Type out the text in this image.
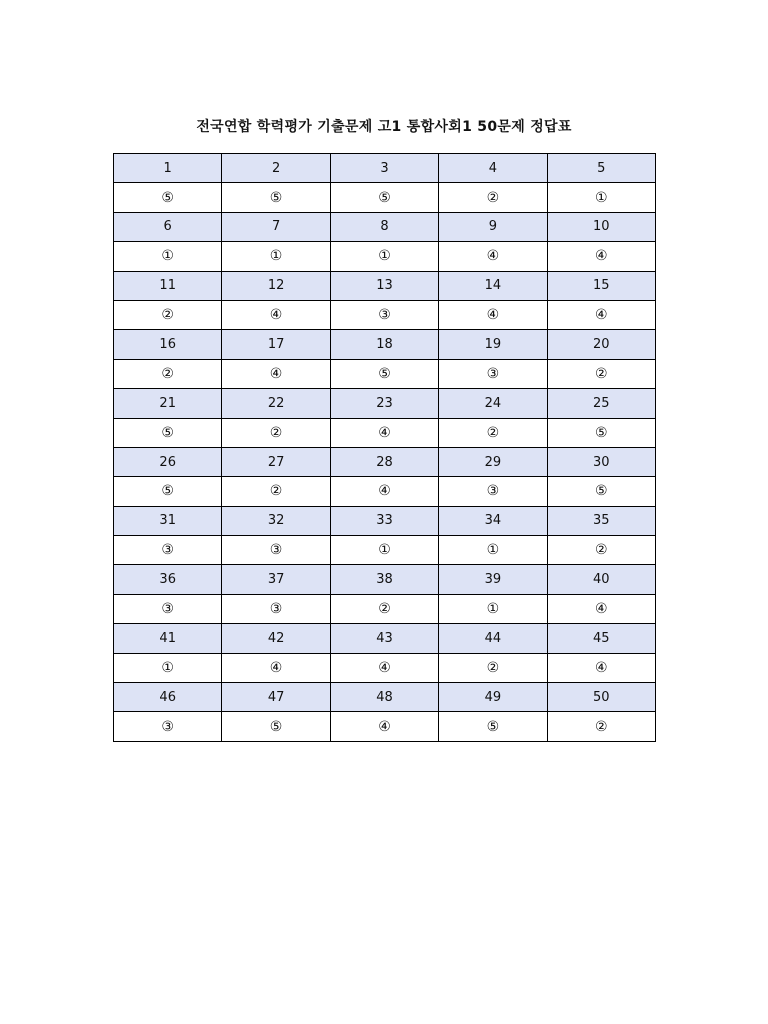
전국연합 학력평가 기출문제 고1 통합사회1 50문제 정답표
1	2	3	4	5
⑤	⑤	⑤	②	①
6	7	8	9	10
①	①	①	④	④
11	12	13	14	15
②	④	③	④	④
16	17	18	19	20
②	④	⑤	③	②
21	22	23	24	25
⑤	②	④	②	⑤
26	27	28	29	30
⑤	②	④	③	⑤
31	32	33	34	35
③	③	①	①	②
36	37	38	39	40
③	③	②	①	④
41	42	43	44	45
①	④	④	②	④
46	47	48	49	50
③	⑤	④	⑤	②
